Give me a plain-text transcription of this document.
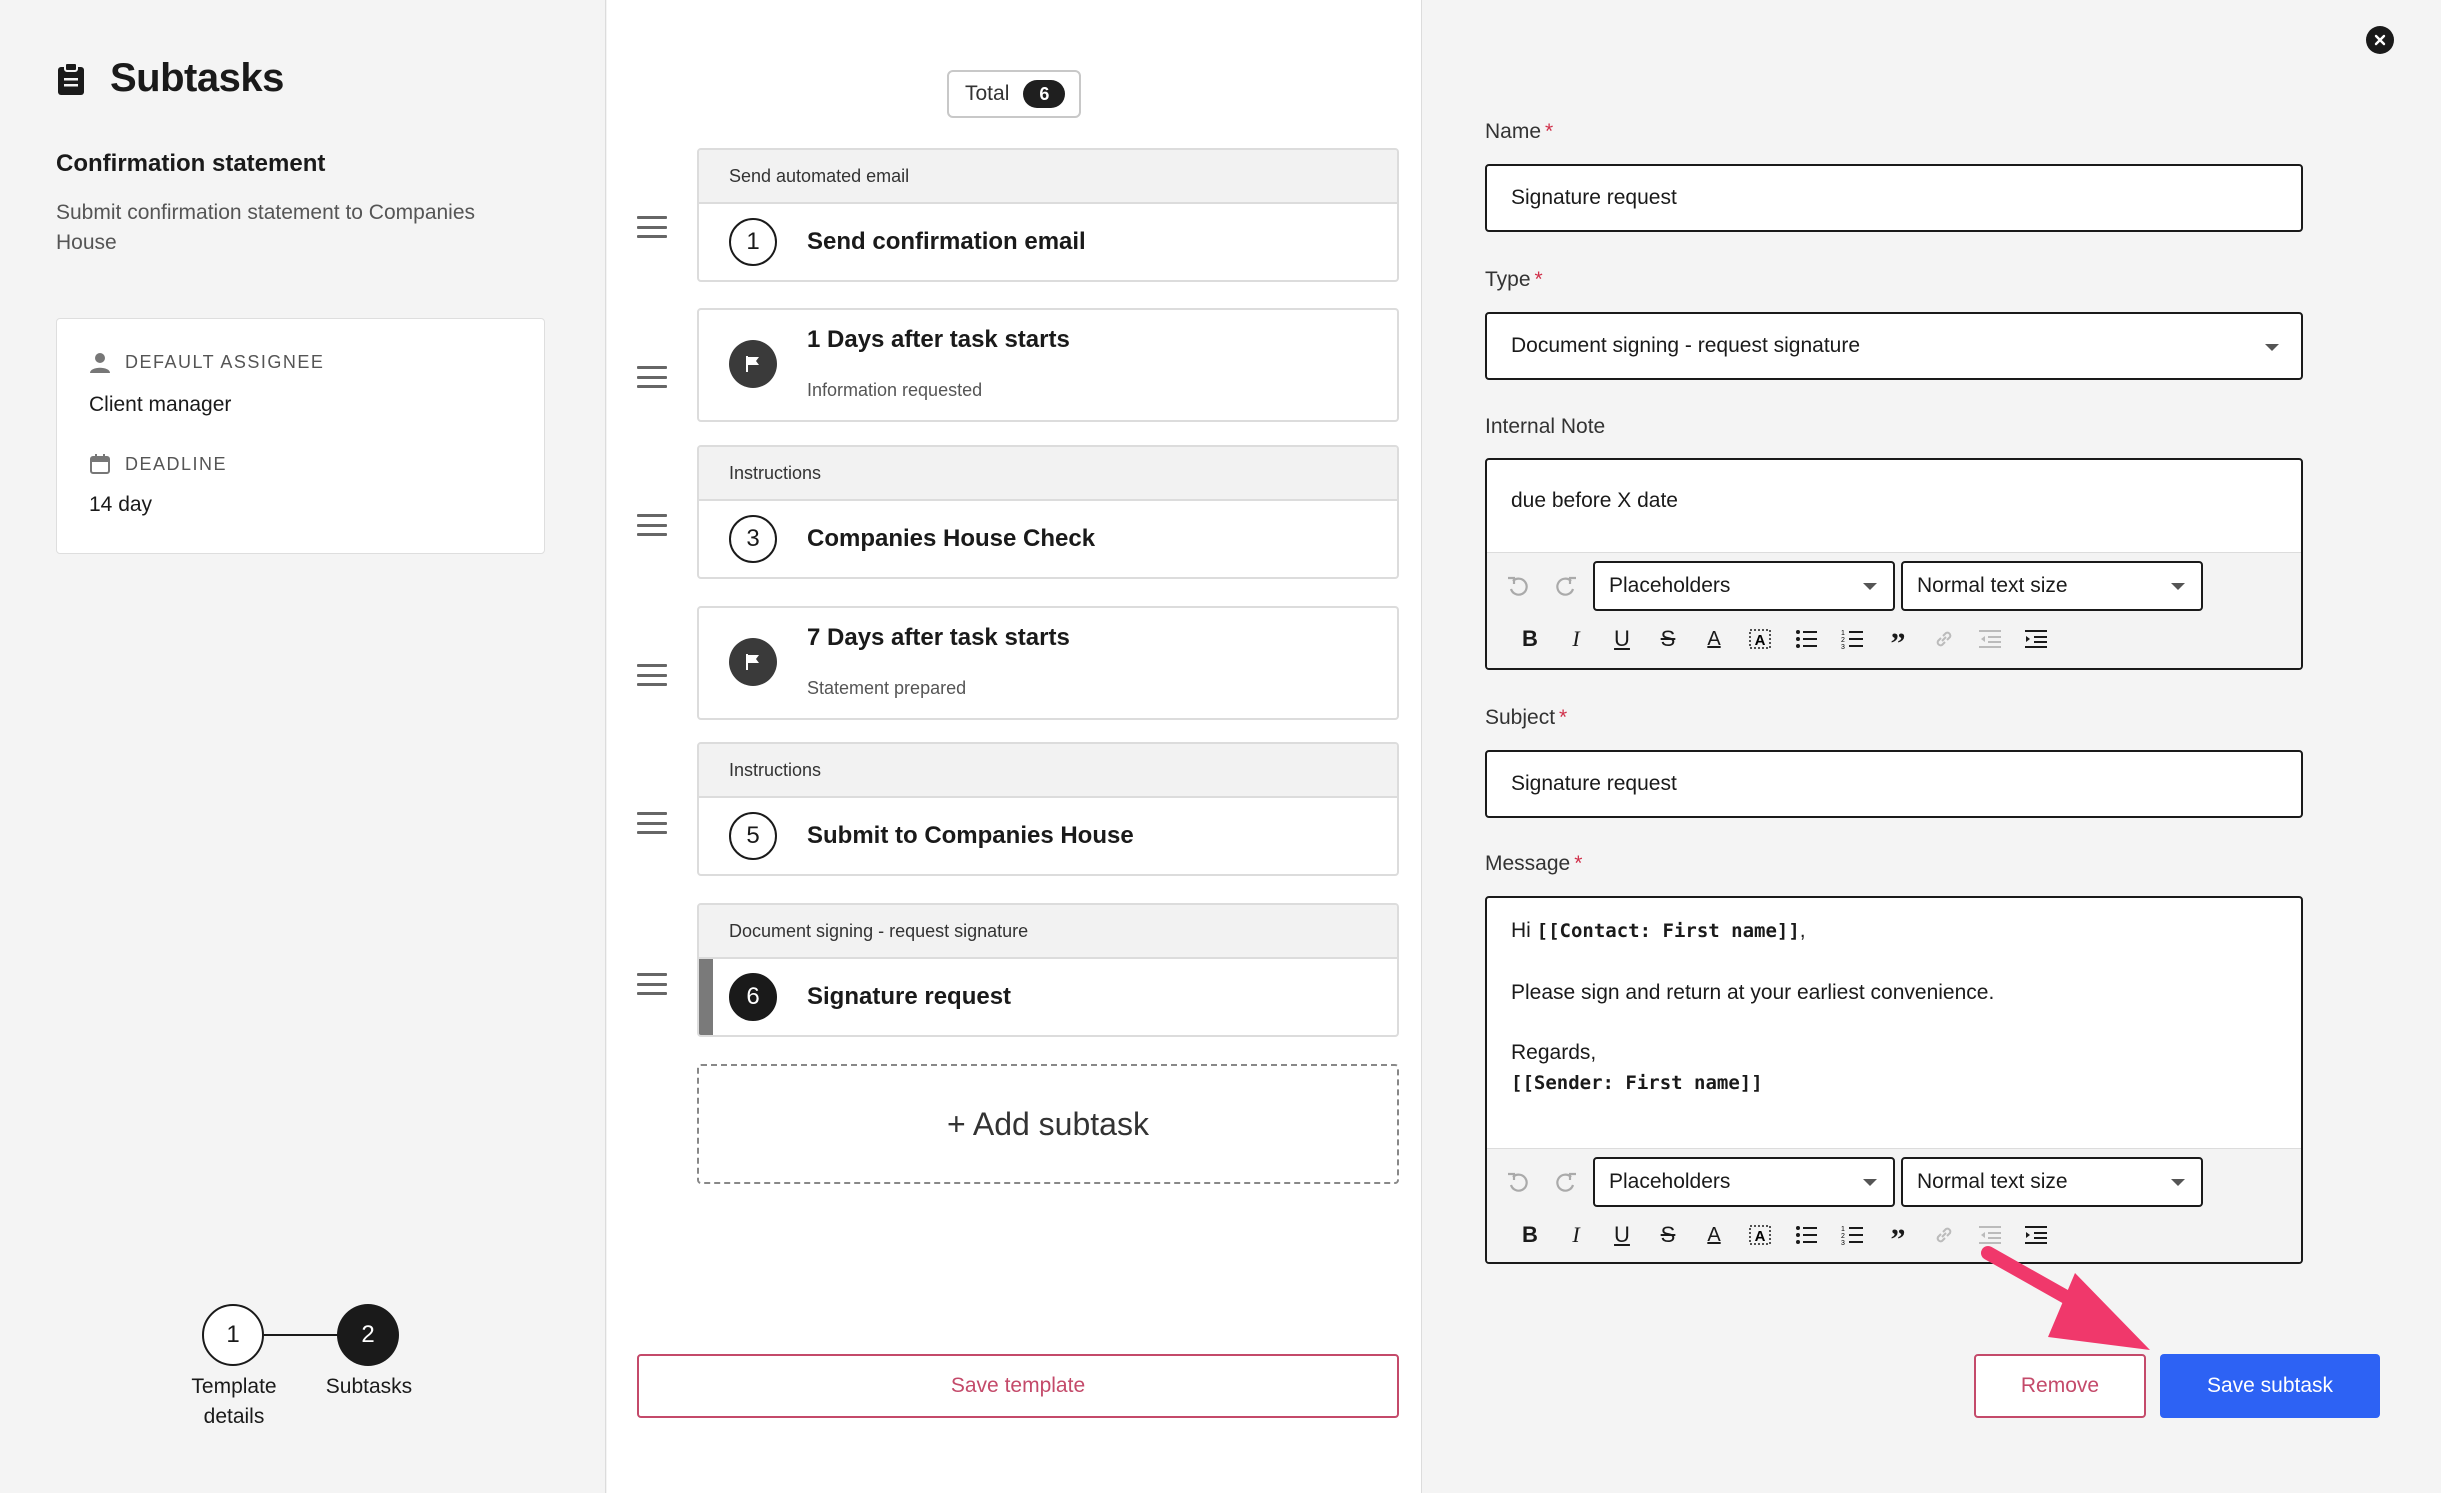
Subtasks
Confirmation statement
Submit confirmation statement to Companies House
DEFAULT ASSIGNEE
Client manager
DEADLINE
14 day
1	2
Template details
Subtasks
Total	6
Send automated email
1	Send confirmation email
1 Days after task starts
Information requested
Instructions
3	Companies House Check
7 Days after task starts
Statement prepared
Instructions
5	Submit to Companies House
Document signing - request signature
6	Signature request
+ Add subtask
Save template
Name *
Signature request
Type *
Document signing - request signature
Internal Note
due before X date
Placeholders	Normal text size
B	I	U	S	A	A	1
2
3	”
Subject *
Signature request
Message *
Hi [[Contact: First name]],
Please sign and return at your earliest convenience.
Regards,
[[Sender: First name]]
Placeholders	Normal text size
B	I	U	S	A	A	1
2
3	”
Remove	Save subtask
